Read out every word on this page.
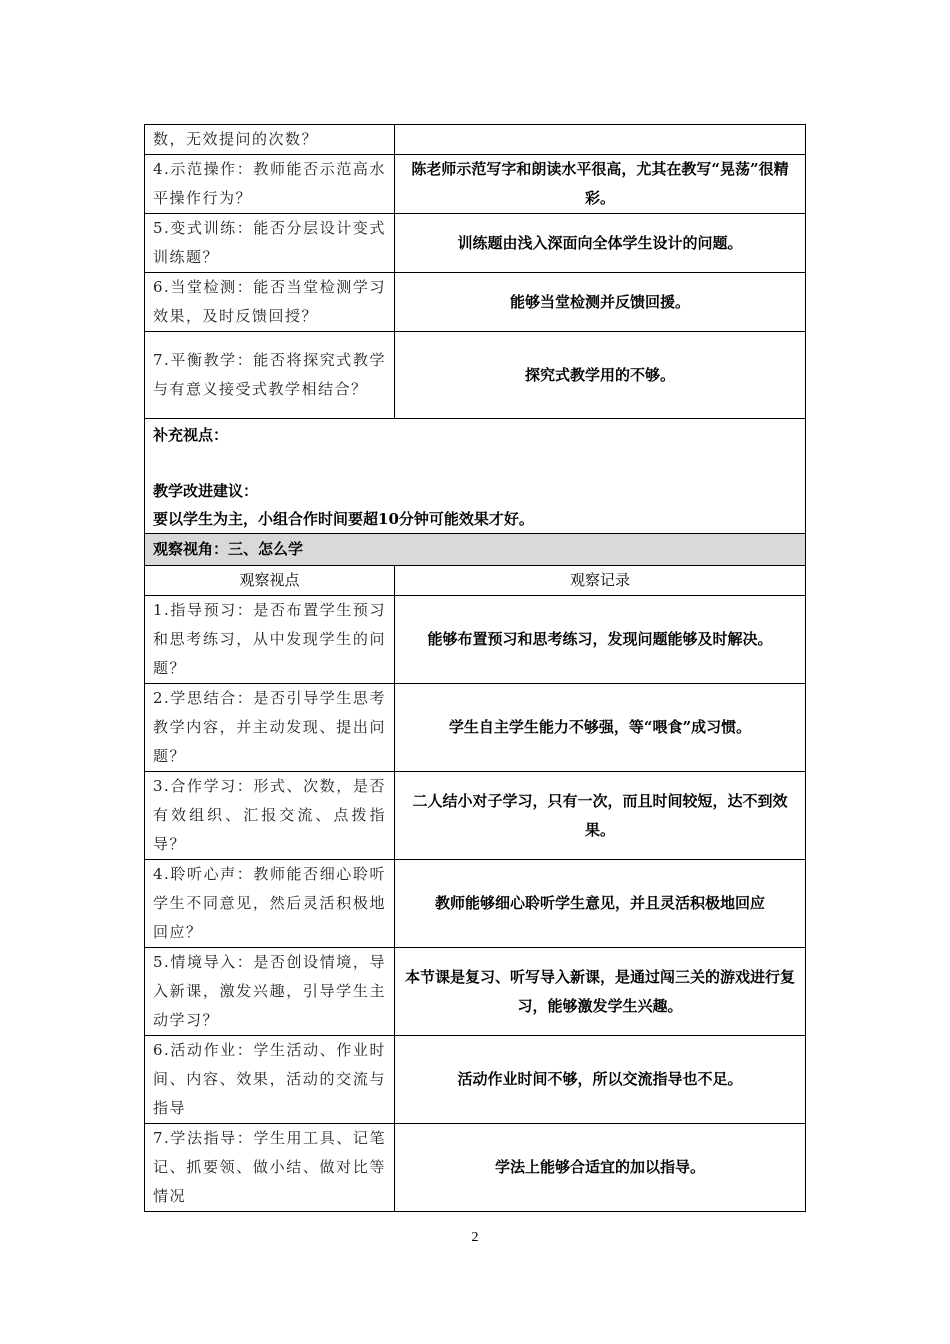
数，无效提问的次数？	
4.示范操作：教师能否示范高水平操作行为？	陈老师示范写字和朗读水平很高，尤其在教写“晃荡”很精彩。
5.变式训练：能否分层设计变式训练题？	训练题由浅入深面向全体学生设计的问题。
6.当堂检测：能否当堂检测学习效果，及时反馈回授？	能够当堂检测并反馈回援。
7.平衡教学：能否将探究式教学与有意义接受式教学相结合？	探究式教学用的不够。

补充视点：
教学改进建议：
要以学生为主，小组合作时间要超10分钟可能效果才好。	

观察视角：三、怎么学	
观察视点	观察记录
1.指导预习：是否布置学生预习和思考练习，从中发现学生的问题？	能够布置预习和思考练习，发现问题能够及时解决。
2.学思结合：是否引导学生思考教学内容，并主动发现、提出问题？	学生自主学生能力不够强，等“喂食”成习惯。
3.合作学习：形式、次数，是否有效组织、汇报交流、点拨指导？	二人结小对子学习，只有一次，而且时间较短，达不到效果。
4.聆听心声：教师能否细心聆听学生不同意见，然后灵活积极地回应？	教师能够细心聆听学生意见，并且灵活积极地回应
5.情境导入：是否创设情境，导入新课，激发兴趣，引导学生主动学习？	本节课是复习、听写导入新课，是通过闯三关的游戏进行复习，能够激发学生兴趣。
6.活动作业：学生活动、作业时间、内容、效果，活动的交流与指导	活动作业时间不够，所以交流指导也不足。
7.学法指导：学生用工具、记笔记、抓要领、做小结、做对比等情况	学法上能够合适宜的加以指导。
2
